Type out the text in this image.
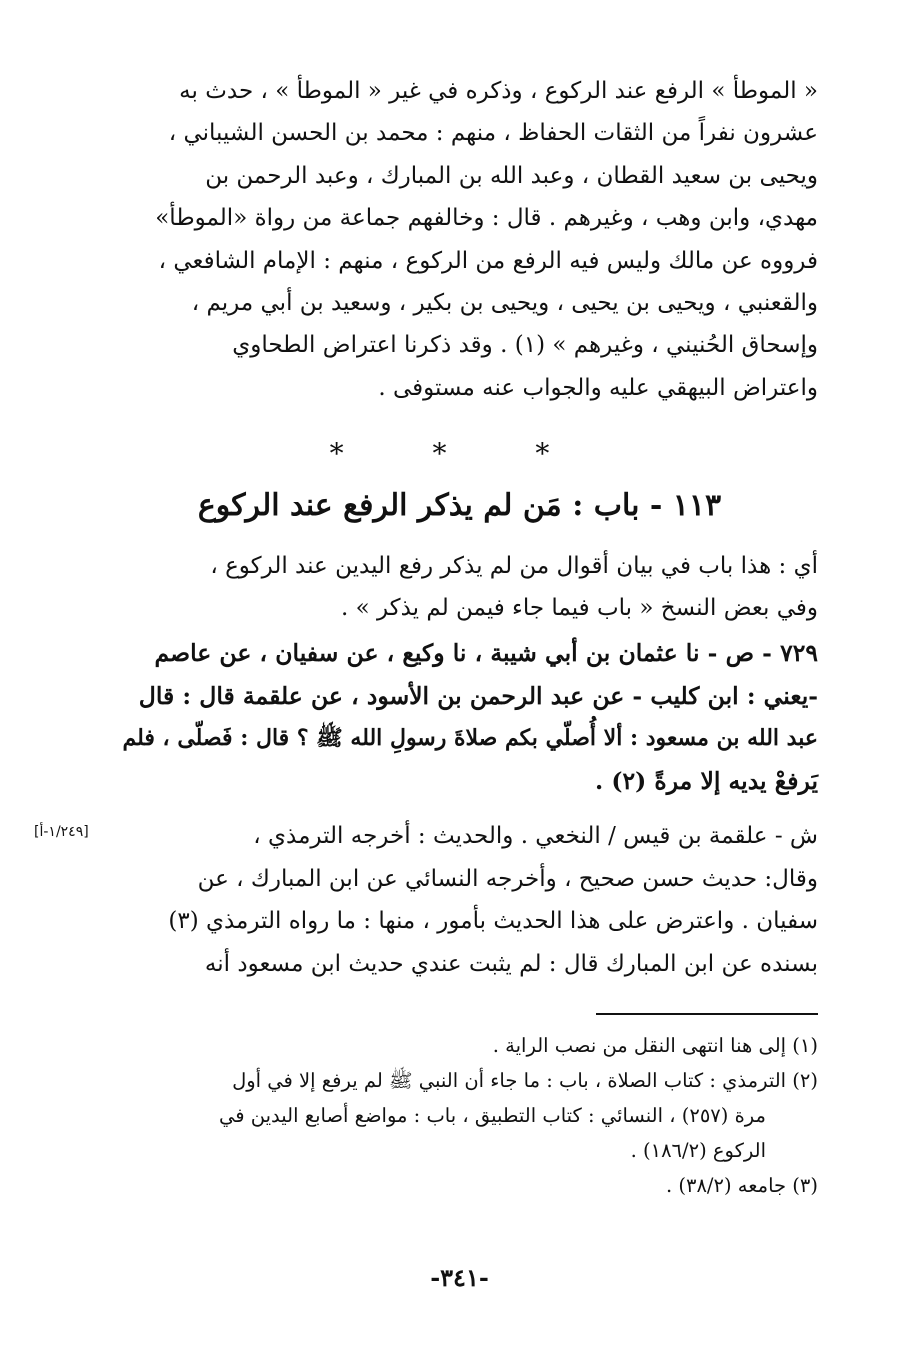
« الموطأ » الرفع عند الركوع ، وذكره في غير « الموطأ » ، حدث به
عشرون نفراً من الثقات الحفاظ ، منهم : محمد بن الحسن الشيباني ،
ويحيى بن سعيد القطان ، وعبد الله بن المبارك ، وعبد الرحمن بن
مهدي، وابن وهب ، وغيرهم . قال : وخالفهم جماعة من رواة «الموطأ»
فرووه عن مالك وليس فيه الرفع من الركوع ، منهم : الإمام الشافعي ،
والقعنبي ، ويحيى بن يحيى ، ويحيى بن بكير ، وسعيد بن أبي مريم ،
وإسحاق الحُنيني ، وغيرهم » (١) . وقد ذكرنا اعتراض الطحاوي
واعتراض البيهقي عليه والجواب عنه مستوفى .
* * *
١١٣ - باب : مَن لم يذكر الرفع عند الركوع
أي : هذا باب في بيان أقوال من لم يذكر رفع اليدين عند الركوع ،
وفي بعض النسخ « باب فيما جاء فيمن لم يذكر » .
٧٢٩ - ص - نا عثمان بن أبي شيبة ، نا وكيع ، عن سفيان ، عن عاصم
-يعني : ابن كليب - عن عبد الرحمن بن الأسود ، عن علقمة قال : قال
عبد الله بن مسعود : ألا أُصلّي بكم صلاةَ رسولِ الله ﷺ ؟ قال : فَصلّى ، فلم
يَرفعْ يديه إلا مرةً (٢) .
[١/٢٤٩-أ]	ش - علقمة بن قيس / النخعي . والحديث : أخرجه الترمذي ،
وقال: حديث حسن صحيح ، وأخرجه النسائي عن ابن المبارك ، عن
سفيان . واعترض على هذا الحديث بأمور ، منها : ما رواه الترمذي (٣)
بسنده عن ابن المبارك قال : لم يثبت عندي حديث ابن مسعود أنه
(١) إلى هنا انتهى النقل من نصب الراية .
(٢) الترمذي : كتاب الصلاة ، باب : ما جاء أن النبي ﷺ لم يرفع إلا في أول
مرة (٢٥٧) ، النسائي : كتاب التطبيق ، باب : مواضع أصابع اليدين في
الركوع (١٨٦/٢) .
(٣) جامعه (٣٨/٢) .
-٣٤١-
